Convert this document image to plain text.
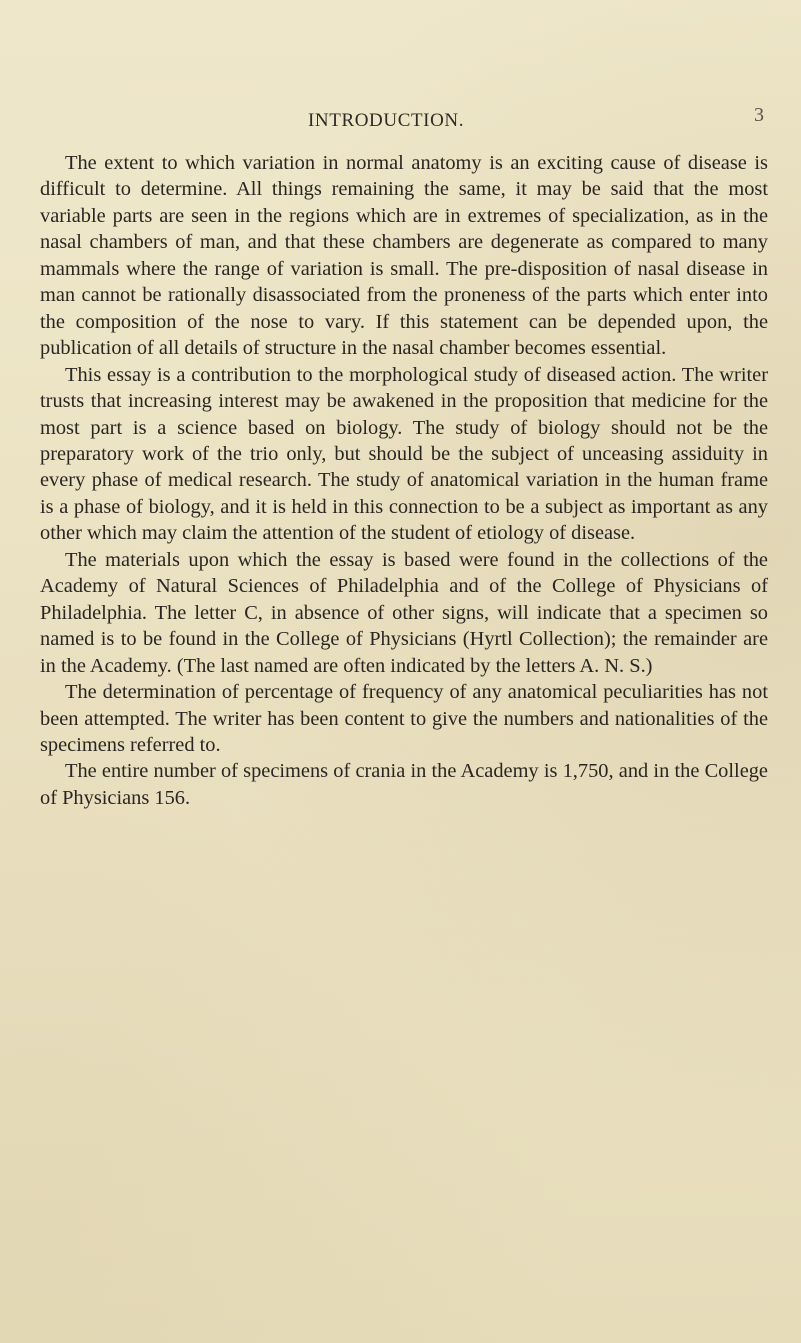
INTRODUCTION.	3

The extent to which variation in normal anatomy is an exciting cause of disease is difficult to determine. All things remaining the same, it may be said that the most variable parts are seen in the regions which are in extremes of specialization, as in the nasal chambers of man, and that these chambers are degenerate as compared to many mammals where the range of variation is small. The pre-disposition of nasal disease in man cannot be rationally disassociated from the proneness of the parts which enter into the composition of the nose to vary. If this statement can be depended upon, the publication of all details of structure in the nasal chamber becomes essential.

This essay is a contribution to the morphological study of diseased action. The writer trusts that increasing interest may be awakened in the proposition that medicine for the most part is a science based on biology. The study of biology should not be the preparatory work of the trio only, but should be the subject of unceasing assiduity in every phase of medical research. The study of anatomical variation in the human frame is a phase of biology, and it is held in this connection to be a subject as important as any other which may claim the attention of the student of etiology of disease.

The materials upon which the essay is based were found in the collections of the Academy of Natural Sciences of Philadelphia and of the College of Physicians of Philadelphia. The letter C, in absence of other signs, will indicate that a specimen so named is to be found in the College of Physicians (Hyrtl Collection); the remainder are in the Academy. (The last named are often indicated by the letters A. N. S.)

The determination of percentage of frequency of any anatomical peculiarities has not been attempted. The writer has been content to give the numbers and nationalities of the specimens referred to.

The entire number of specimens of crania in the Academy is 1,750, and in the College of Physicians 156.
